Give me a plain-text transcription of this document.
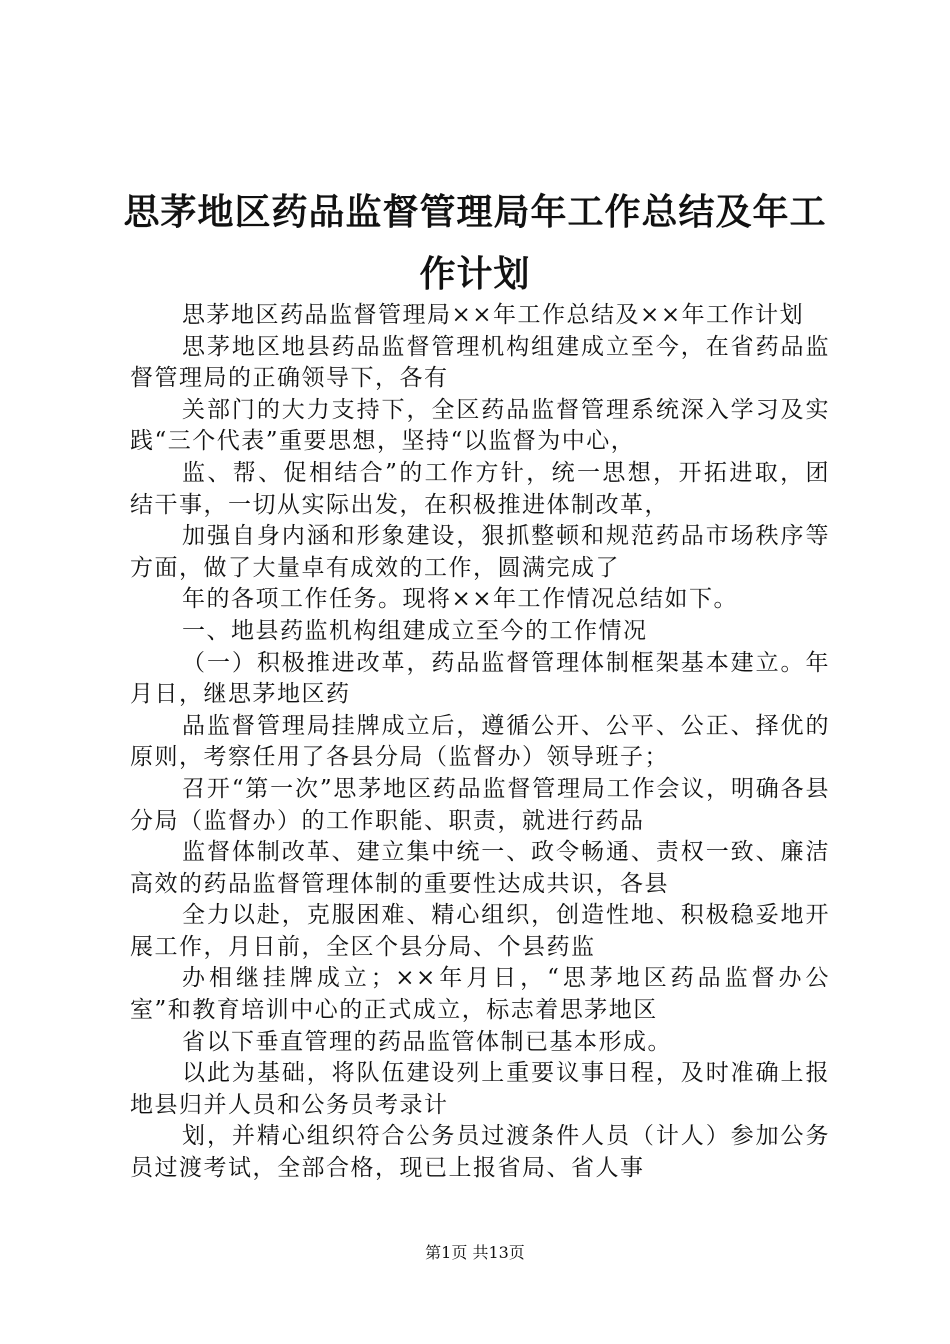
思茅地区药品监督管理局年工作总结及年工作计划

思茅地区药品监督管理局××年工作总结及××年工作计划

思茅地区地县药品监督管理机构组建成立至今，在省药品监督管理局的正确领导下，各有

关部门的大力支持下，全区药品监督管理系统深入学习及实践“三个代表”重要思想，坚持“以监督为中心，

监、帮、促相结合”的工作方针，统一思想，开拓进取，团结干事，一切从实际出发，在积极推进体制改革，

加强自身内涵和形象建设，狠抓整顿和规范药品市场秩序等方面，做了大量卓有成效的工作，圆满完成了

年的各项工作任务。现将××年工作情况总结如下。

一、地县药监机构组建成立至今的工作情况

（一）积极推进改革，药品监督管理体制框架基本建立。年月日，继思茅地区药

品监督管理局挂牌成立后，遵循公开、公平、公正、择优的原则，考察任用了各县分局（监督办）领导班子；

召开“第一次”思茅地区药品监督管理局工作会议，明确各县分局（监督办）的工作职能、职责，就进行药品

监督体制改革、建立集中统一、政令畅通、责权一致、廉洁高效的药品监督管理体制的重要性达成共识，各县

全力以赴，克服困难、精心组织，创造性地、积极稳妥地开展工作，月日前，全区个县分局、个县药监

办相继挂牌成立；××年月日，“思茅地区药品监督办公室”和教育培训中心的正式成立，标志着思茅地区

省以下垂直管理的药品监管体制已基本形成。

以此为基础，将队伍建设列上重要议事日程，及时准确上报地县归并人员和公务员考录计

划，并精心组织符合公务员过渡条件人员（计人）参加公务员过渡考试，全部合格，现已上报省局、省人事

第1页 共13页
